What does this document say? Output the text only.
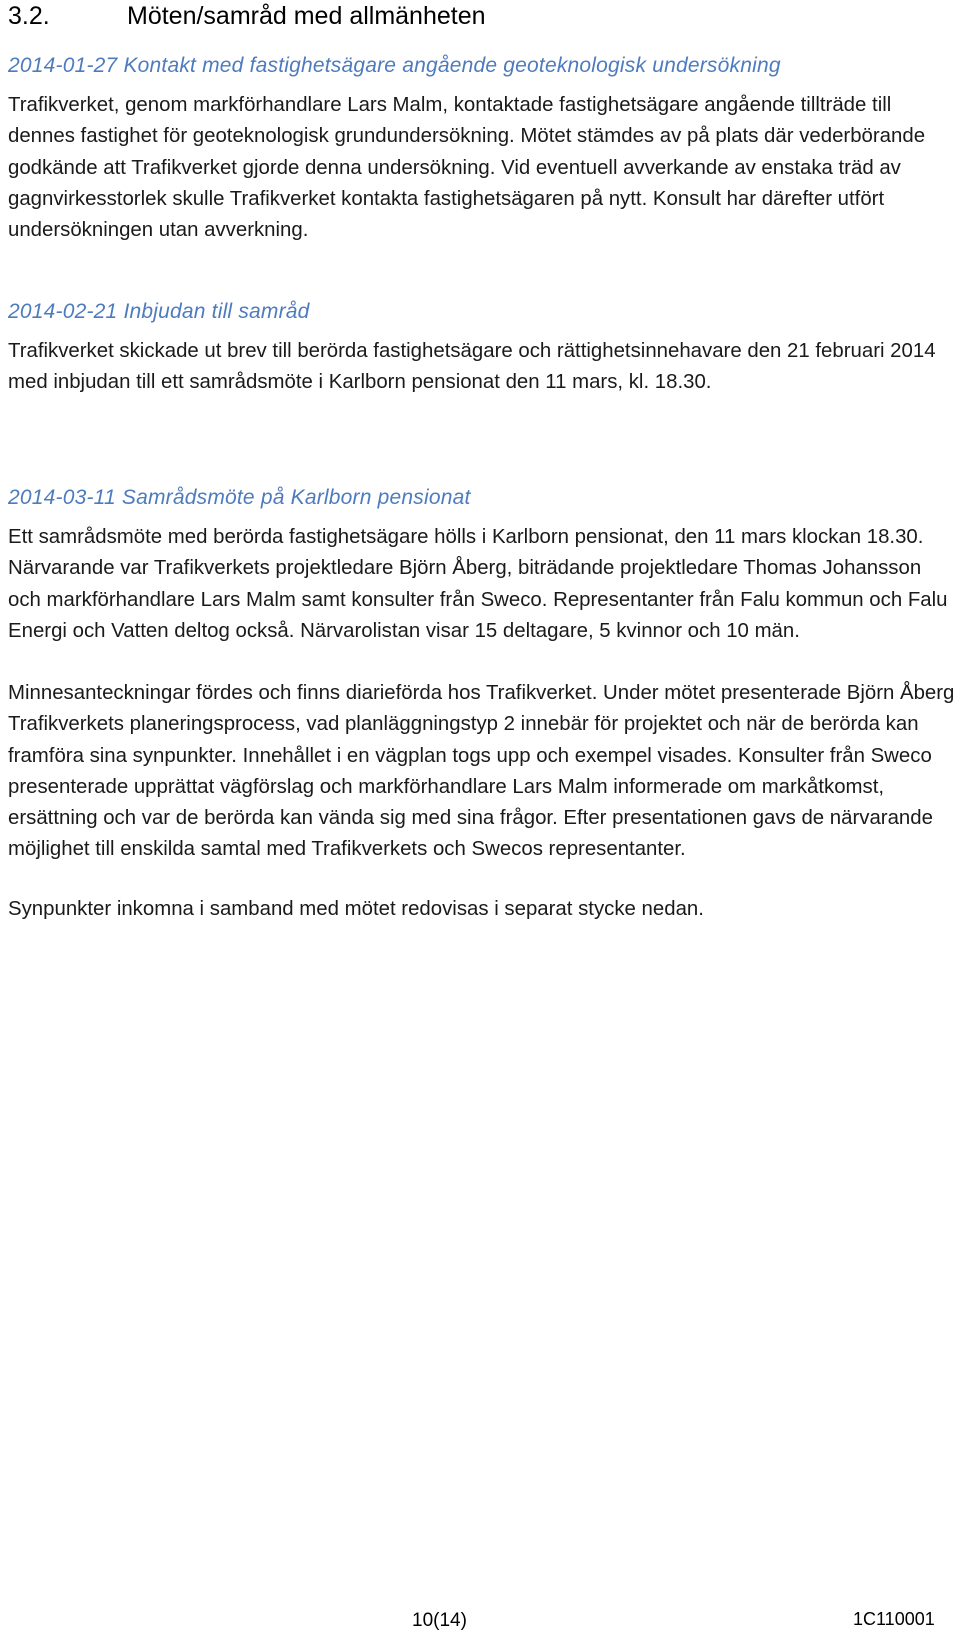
3.2.	Möten/samråd med allmänheten
2014-01-27 Kontakt med fastighetsägare angående geoteknologisk undersökning

Trafikverket, genom markförhandlare Lars Malm, kontaktade fastighetsägare angående tillträde till dennes fastighet för geoteknologisk grundundersökning. Mötet stämdes av på plats där vederbörande godkände att Trafikverket gjorde denna undersökning. Vid eventuell avverkande av enstaka träd av gagnvirkesstorlek skulle Trafikverket kontakta fastighetsägaren på nytt. Konsult har därefter utfört undersökningen utan avverkning.

2014-02-21 Inbjudan till samråd

Trafikverket skickade ut brev till berörda fastighetsägare och rättighetsinnehavare den 21 februari 2014 med inbjudan till ett samrådsmöte i Karlborn pensionat den 11 mars, kl. 18.30.

2014-03-11 Samrådsmöte på Karlborn pensionat

Ett samrådsmöte med berörda fastighetsägare hölls i Karlborn pensionat, den 11 mars klockan 18.30. Närvarande var Trafikverkets projektledare Björn Åberg, biträdande projektledare Thomas Johansson och markförhandlare Lars Malm samt konsulter från Sweco. Representanter från Falu kommun och Falu Energi och Vatten deltog också. Närvarolistan visar 15 deltagare, 5 kvinnor och 10 män.

Minnesanteckningar fördes och finns diarieförda hos Trafikverket. Under mötet presenterade Björn Åberg Trafikverkets planeringsprocess, vad planläggningstyp 2 innebär för projektet och när de berörda kan framföra sina synpunkter. Innehållet i en vägplan togs upp och exempel visades. Konsulter från Sweco presenterade upprättat vägförslag och markförhandlare Lars Malm informerade om markåtkomst, ersättning och var de berörda kan vända sig med sina frågor. Efter presentationen gavs de närvarande möjlighet till enskilda samtal med Trafikverkets och Swecos representanter.

Synpunkter inkomna i samband med mötet redovisas i separat stycke nedan.

10(14)	1C110001
